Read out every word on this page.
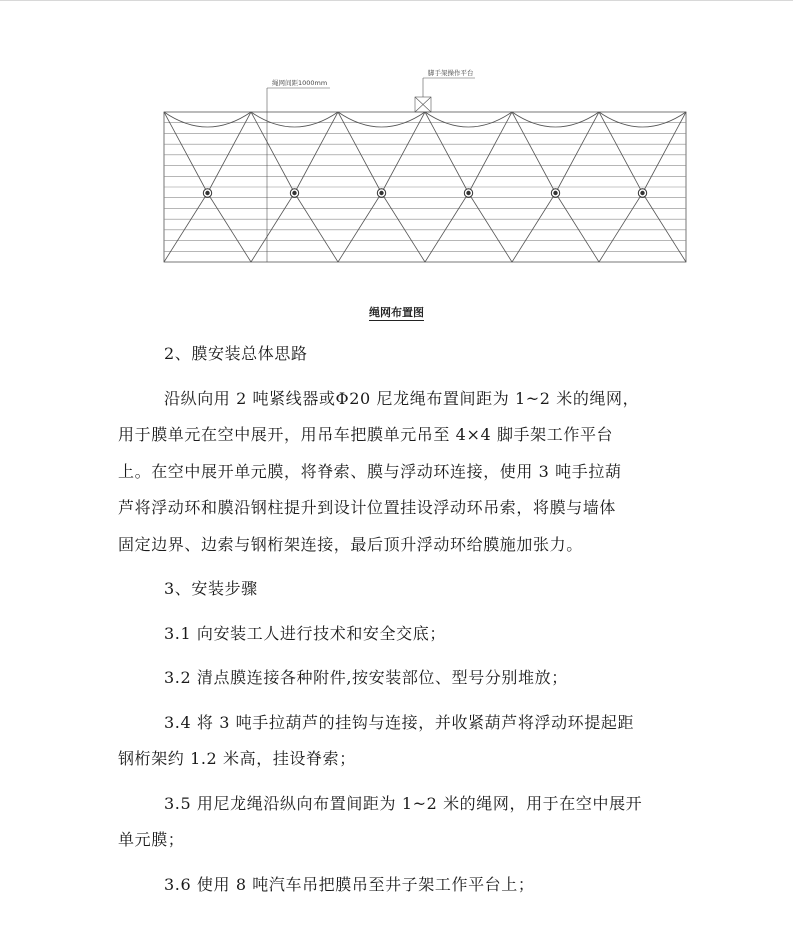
绳网间距1000mm
脚手架操作平台
绳网布置图
2、膜安装总体思路
沿纵向用 2 吨紧线器或Φ20 尼龙绳布置间距为 1~2 米的绳网，
用于膜单元在空中展开，用吊车把膜单元吊至 4×4 脚手架工作平台
上。在空中展开单元膜，将脊索、膜与浮动环连接，使用 3 吨手拉葫
芦将浮动环和膜沿钢柱提升到设计位置挂设浮动环吊索，将膜与墙体
固定边界、边索与钢桁架连接，最后顶升浮动环给膜施加张力。
3、安装步骤
3.1 向安装工人进行技术和安全交底；
3.2 清点膜连接各种附件,按安装部位、型号分别堆放；
3.4 将 3 吨手拉葫芦的挂钩与连接，并收紧葫芦将浮动环提起距
钢桁架约 1.2 米高，挂设脊索；
3.5 用尼龙绳沿纵向布置间距为 1~2 米的绳网，用于在空中展开
单元膜；
3.6 使用 8 吨汽车吊把膜吊至井子架工作平台上；
